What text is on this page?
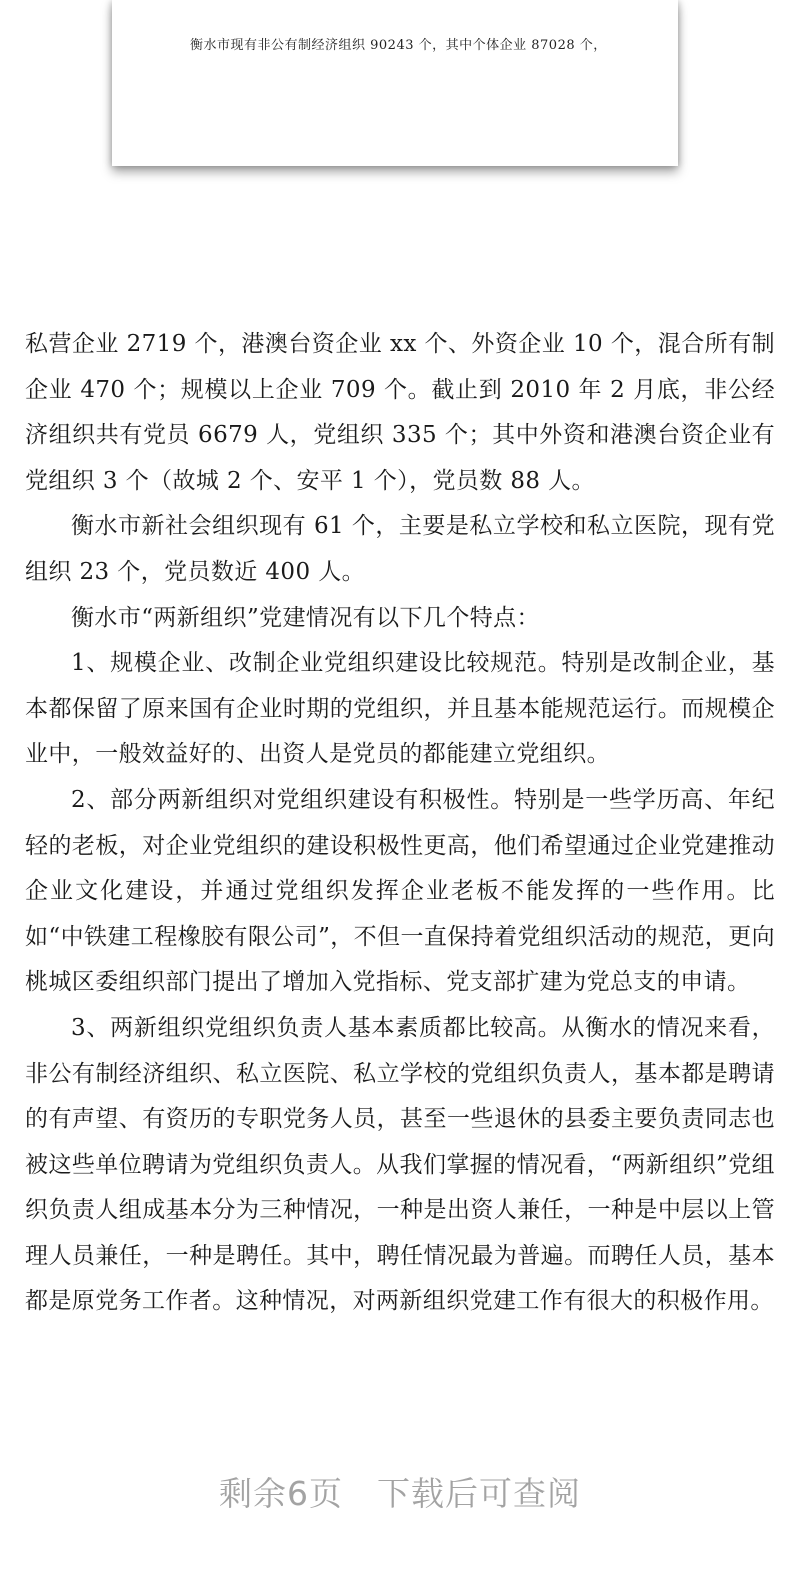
衡水市现有非公有制经济组织 90243 个，其中个体企业 87028 个，

私营企业 2719 个，港澳台资企业 xx 个、外资企业 10 个，混合所有制企业 470 个；规模以上企业 709 个。截止到 2010 年 2 月底，非公经济组织共有党员 6679 人，党组织 335 个；其中外资和港澳台资企业有党组织 3 个（故城 2 个、安平 1 个），党员数 88 人。

衡水市新社会组织现有 61 个，主要是私立学校和私立医院，现有党组织 23 个，党员数近 400 人。

衡水市“两新组织”党建情况有以下几个特点：

1、规模企业、改制企业党组织建设比较规范。特别是改制企业，基本都保留了原来国有企业时期的党组织，并且基本能规范运行。而规模企业中，一般效益好的、出资人是党员的都能建立党组织。

2、部分两新组织对党组织建设有积极性。特别是一些学历高、年纪轻的老板，对企业党组织的建设积极性更高，他们希望通过企业党建推动企业文化建设，并通过党组织发挥企业老板不能发挥的一些作用。比如“中铁建工程橡胶有限公司”，不但一直保持着党组织活动的规范，更向桃城区委组织部门提出了增加入党指标、党支部扩建为党总支的申请。

3、两新组织党组织负责人基本素质都比较高。从衡水的情况来看，非公有制经济组织、私立医院、私立学校的党组织负责人，基本都是聘请的有声望、有资历的专职党务人员，甚至一些退休的县委主要负责同志也被这些单位聘请为党组织负责人。从我们掌握的情况看，“两新组织”党组织负责人组成基本分为三种情况，一种是出资人兼任，一种是中层以上管理人员兼任，一种是聘任。其中，聘任情况最为普遍。而聘任人员，基本都是原党务工作者。这种情况，对两新组织党建工作有很大的积极作用。

剩余6页 下载后可查阅
